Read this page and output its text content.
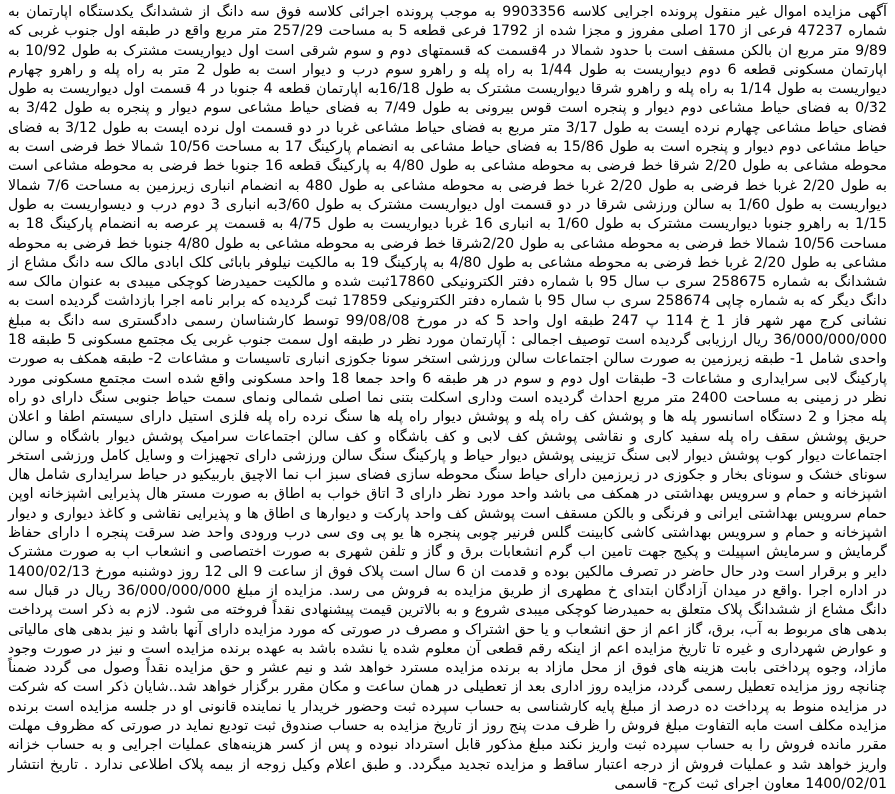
آگهی مزایده اموال غیر منقول پرونده اجرایی کلاسه 9903356 به موجب پرونده اجرائی کلاسه فوق سه دانگ از ششدانگ یکدستگاه اپارتمان به شماره 47237 فرعی از 170 اصلی مفروز و مجزا شده از 1792 فرعی قطعه 5 به مساحت 257/29 متر مربع واقع در طبقه اول جنوب غربی که 9/89 متر مربع ان بالکن مسقف است با حدود شمالا در 4قسمت که قسمتهای دوم و سوم شرقی است اول دیواریست مشترک به طول 10/92 به اپارتمان مسکونی قطعه 6 دوم دیواریست به طول 1/44 به راه پله و راهرو سوم درب و دیوار است به طول 2 متر به راه پله و راهرو چهارم دیواریست به طول 1/14 به راه پله و راهرو شرقا دیواریست مشترک به طول 16/18به اپارتمان قطعه 4 جنوبا در 4 قسمت اول دیواریست به طول 0/32 به فضای حیاط مشاعی دوم دیوار و پنجره است قوس بیرونی به طول 7/49 به فضای حیاط مشاعی سوم دیوار و پنجره به طول 3/42 به فضای حیاط مشاعی چهارم نرده ایست به طول 3/17 متر مربع به فضای حیاط مشاعی غربا در دو قسمت اول نرده ایست به طول 3/12 به فضای حیاط مشاعی دوم دیوار و پنجره است به طول 15/86 به فضای حیاط مشاعی به انضمام پارکینگ 17 به مساحت 10/56 شمالا خط فرضی است به محوطه مشاعی به طول 2/20 شرقا خط فرضی به محوطه مشاعی به طول 4/80 به پارکینگ قطعه 16 جنوبا خط فرضی به محوطه مشاعی است به طول 2/20 غربا خط فرضی به طول 2/20 غربا خط فرضی به محوطه مشاعی به طول 480 به انضمام انباری زیرزمین به مساحت 7/6 شمالا دیواریست به طول 1/60 به سالن ورزشی شرقا در دو قسمت اول دیواریست مشترک به طول 3/60به انباری 3 دوم درب و دیسواریست به طول 1/15 به راهرو جنوبا دیواریست مشترک به طول 1/60 به انباری 16 غربا دیواریست به طول 4/75 به قسمت پر عرصه به انضمام پارکینگ 18 به مساحت 10/56 شمالا خط فرضی به محوطه مشاعی به طول 2/20شرقا خط فرضی به محوطه مشاعی به طول 4/80 جنوبا خط فرضی به محوطه مشاعی به طول 2/20 غربا خط فرضی به محوطه مشاعی به طول 4/80 به پارکینگ 19 به مالکیت نیلوفر بابائی کلک ابادی مالک سه دانگ مشاع از ششدانگ به شماره 258675 سری ب سال 95 با شماره دفتر الکترونیکی 17860ثبت شده و مالکیت حمیدرضا کوچکی میبدی به عنوان مالک سه دانگ دیگر که به شماره چاپی 258674 سری ب سال 95 با شماره دفتر الکترونیکی 17859 ثبت گردیده که برابر نامه اجرا بازداشت گردیده است به نشانی کرج مهر شهر فاز 1 خ 114 پ 247 طبقه اول واحد 5 که در مورخ 99/08/08 توسط کارشناسان رسمی دادگستری سه دانگ به مبلغ 36/000/000/000 ریال ارزیابی گردیده است توصیف اجمالی : آپارتمان مورد نظر در طبقه اول سمت جنوب غربی یک مجتمع مسکونی 5 طبقه 18 واحدی شامل 1- طبقه زیرزمین به صورت سالن اجتماعات سالن ورزشی استخر سونا جکوزی انباری تاسیسات و مشاعات 2- طبقه همکف به صورت پارکینگ لابی سرایداری و مشاعات 3- طبقات اول دوم و سوم در هر طبقه 6 واحد جمعا 18 واحد مسکونی واقع شده است مجتمع مسکونی مورد نظر در زمینی به مساحت 2400 متر مربع احداث گردیده است وداری اسکلت بتنی نما اصلی شمالی ونمای سمت حیاط جنوبی سنگ دارای دو راه پله مجزا و 2 دستگاه اسانسور پله ها و پوشش کف راه پله و پوشش دیوار راه پله ها سنگ نرده راه پله فلزی استیل دارای سیستم اطفا و اعلان حریق پوشش سقف راه پله سفید کاری و نقاشی پوشش کف لابی و کف باشگاه و کف سالن اجتماعات سرامیک پوشش دیوار باشگاه و سالن اجتماعات دیوار کوب پوشش دیوار لابی سنگ تزیینی پوشش دیوار حیاط و پارکینگ سنگ سالن ورزشی دارای تجهیزات و وسایل کامل ورزشی استخر سونای خشک و سونای بخار و جکوزی در زیرزمین دارای حیاط سنگ محوطه سازی فضای سبز اب نما الاچیق باربیکیو در حیاط سرایداری شامل هال اشپزخانه و حمام و سرویس بهداشتی در همکف می باشد واحد مورد نظر دارای 3 اتاق خواب به اطاق به صورت مستر هال پذیرایی اشپزخانه اوپن حمام سرویس بهداشتی ایرانی و فرنگی و بالکن مسقف است پوشش کف واحد پارکت و دیوارها ی اطاق ها و پذیرایی نقاشی و کاغذ دیواری و دیوار اشپزخانه و حمام و سرویس بهداشتی کاشی کابینت گلس فرنیر چوبی پنجره ها یو پی وی سی درب ورودی واحد ضد سرقت پنجره ا دارای حفاظ گرمایش و سرمایش اسپیلت و پکیج جهت تامین اب گرم انشعابات برق و گاز و تلفن شهری به صورت اختصاصی و انشعاب اب به صورت مشترک دایر و برقرار است ودر حال حاضر در تصرف مالکین بوده و قدمت ان 6 سال است پلاک فوق از ساعت 9 الی 12 روز دوشنبه مورخ 1400/02/13 در اداره اجرا .واقع در میدان آزادگان ابتدای خ مطهری از طریق مزایده به فروش می رسد. مزایده از مبلغ 36/000/000/000 ریال در قبال سه دانگ مشاع از ششدانگ پلاک متعلق به حمیدرضا کوچکی میبدی شروع و به بالاترین قیمت پیشنهادی نقداً فروخته می شود. لازم به ذکر است پرداخت بدهی های مربوط به آب، برق، گاز اعم از حق انشعاب و یا حق اشتراک و مصرف در صورتی که مورد مزایده دارای آنها باشد و نیز بدهی های مالیاتی و عوارض شهرداری و غیره تا تاریخ مزایده اعم از اینکه رقم قطعی آن معلوم شده یا نشده باشد به عهده برنده مزایده است و نیز در صورت وجود مازاد، وجوه پرداختی بابت هزینه های فوق از محل مازاد به برنده مزایده مسترد خواهد شد و نیم عشر و حق مزایده نقداً وصول می گردد ضمناً چنانچه روز مزایده تعطیل رسمی گردد، مزایده روز اداری بعد از تعطیلی در همان ساعت و مکان مقرر برگزار خواهد شد..شایان ذکر است که شرکت در مزایده منوط به پرداخت ده درصد از مبلغ پایه کارشناسی به حساب سپرده ثبت وحضور خریدار یا نماینده قانونی او در جلسه مزایده است برنده مزایده مکلف است مابه التفاوت مبلغ فروش را ظرف مدت پنج روز از تاریخ مزایده به حساب صندوق ثبت تودیع نماید در صورتی که مظروف مهلت مقرر مانده فروش را به حساب سپرده ثبت واریز نکند مبلغ مذکور قابل استرداد نبوده و پس از کسر هزینه‌های عملیات اجرایی و به حساب خزانه واریز خواهد شد و عملیات فروش از درجه اعتبار ساقط و مزایده تجدید میگردد. و طبق اعلام وکیل زوجه از بیمه پلاک اطلاعی ندارد . تاریخ انتشار 1400/02/01 معاون اجرای ثبت کرج- قاسمی
